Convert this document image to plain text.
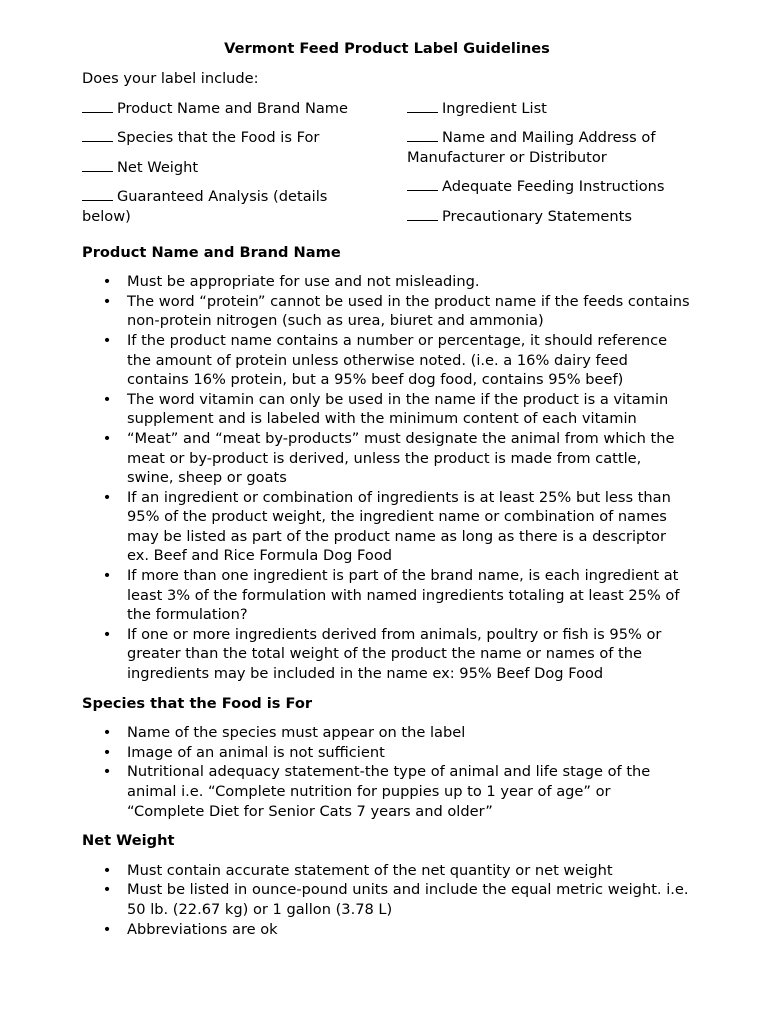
Vermont Feed Product Label Guidelines
Does your label include:
Product Name and Brand Name
Species that the Food is For
Net Weight
Guaranteed Analysis (details below)
Ingredient List
Name and Mailing Address of Manufacturer or Distributor
Adequate Feeding Instructions
Precautionary Statements
Product Name and Brand Name
• Must be appropriate for use and not misleading.
• The word “protein” cannot be used in the product name if the feeds contains non-protein nitrogen (such as urea, biuret and ammonia)
• If the product name contains a number or percentage, it should reference the amount of protein unless otherwise noted. (i.e. a 16% dairy feed contains 16% protein, but a 95% beef dog food, contains 95% beef)
• The word vitamin can only be used in the name if the product is a vitamin supplement and is labeled with the minimum content of each vitamin
• “Meat” and “meat by-products” must designate the animal from which the meat or by-product is derived, unless the product is made from cattle, swine, sheep or goats
• If an ingredient or combination of ingredients is at least 25% but less than 95% of the product weight, the ingredient name or combination of names may be listed as part of the product name as long as there is a descriptor ex. Beef and Rice Formula Dog Food
• If more than one ingredient is part of the brand name, is each ingredient at least 3% of the formulation with named ingredients totaling at least 25% of the formulation?
• If one or more ingredients derived from animals, poultry or fish is 95% or greater than the total weight of the product the name or names of the ingredients may be included in the name ex: 95% Beef Dog Food
Species that the Food is For
• Name of the species must appear on the label
• Image of an animal is not sufficient
• Nutritional adequacy statement-the type of animal and life stage of the animal i.e. “Complete nutrition for puppies up to 1 year of age” or “Complete Diet for Senior Cats 7 years and older”
Net Weight
• Must contain accurate statement of the net quantity or net weight
• Must be listed in ounce-pound units and include the equal metric weight. i.e. 50 lb. (22.67 kg) or 1 gallon (3.78 L)
• Abbreviations are ok
